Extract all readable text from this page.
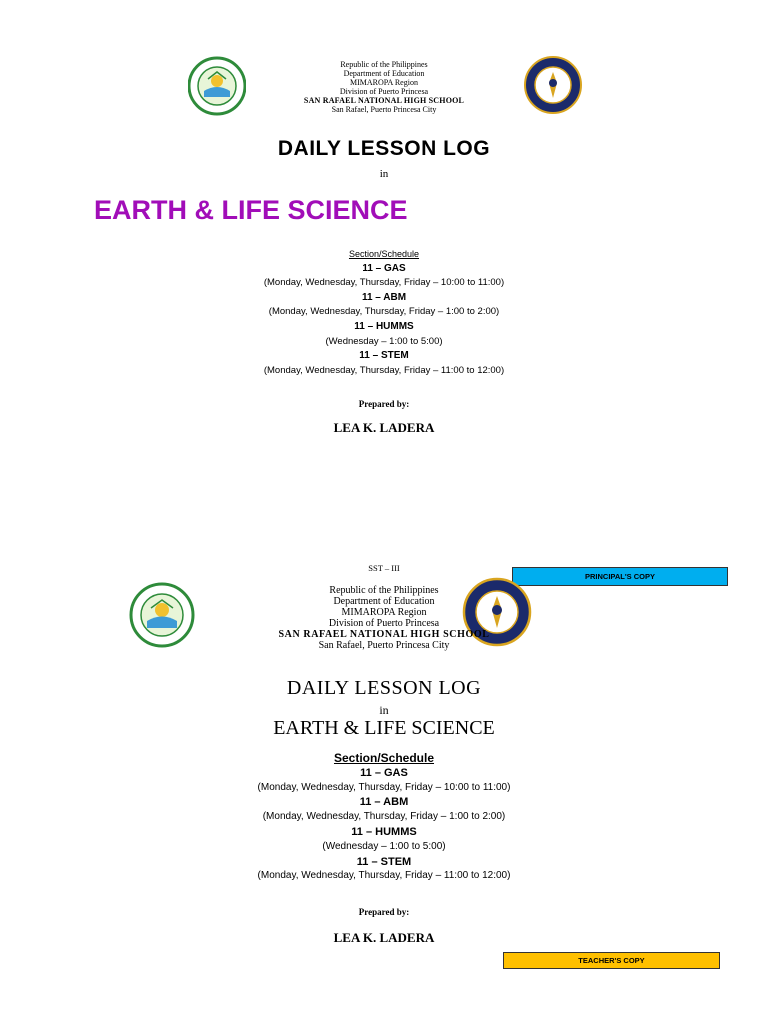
Republic of the Philippines
Department of Education
MIMAROPA Region
Division of Puerto Princesa
SAN RAFAEL NATIONAL HIGH SCHOOL
San Rafael, Puerto Princesa City
DAILY LESSON LOG
in
EARTH & LIFE SCIENCE
Section/Schedule
11 – GAS
(Monday, Wednesday, Thursday, Friday – 10:00 to 11:00)
11 – ABM
(Monday, Wednesday, Thursday, Friday – 1:00 to 2:00)
11 – HUMMS
(Wednesday – 1:00 to 5:00)
11 – STEM
(Monday, Wednesday, Thursday, Friday – 11:00 to 12:00)
Prepared by:
LEA K. LADERA
SST – III
PRINCIPAL'S COPY
Republic of the Philippines
Department of Education
MIMAROPA Region
Division of Puerto Princesa
SAN RAFAEL NATIONAL HIGH SCHOOL
San Rafael, Puerto Princesa City
DAILY LESSON LOG
in
EARTH & LIFE SCIENCE
Section/Schedule
11 – GAS
(Monday, Wednesday, Thursday, Friday – 10:00 to 11:00)
11 – ABM
(Monday, Wednesday, Thursday, Friday – 1:00 to 2:00)
11 – HUMMS
(Wednesday – 1:00 to 5:00)
11 – STEM
(Monday, Wednesday, Thursday, Friday – 11:00 to 12:00)
Prepared by:
LEA K. LADERA
TEACHER'S COPY
